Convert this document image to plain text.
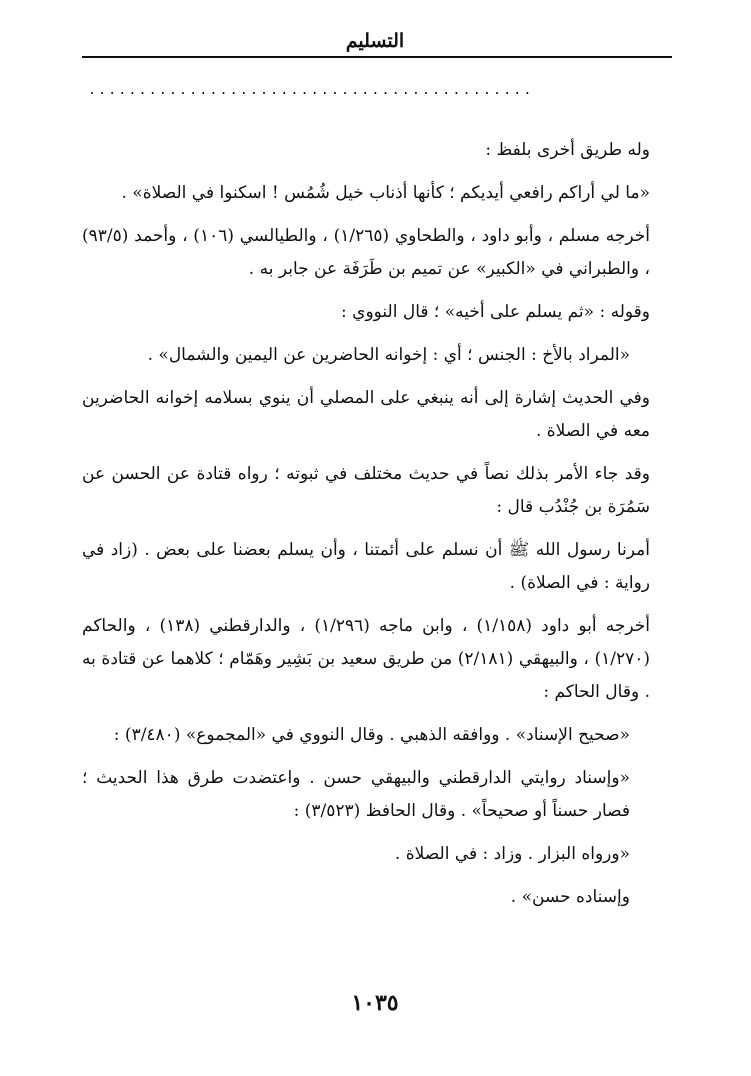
التسليم
............................................

وله طريق أخرى بلفظ :

«ما لي أراكم رافعي أيديكم ؛ كأنها أذناب خيل شُمُس ! اسكنوا في الصلاة» .

أخرجه مسلم ، وأبو داود ، والطحاوي (١/٢٦٥) ، والطيالسي (١٠٦) ، وأحمد (٩٣/٥) ، والطبراني في «الكبير» عن تميم بن طَرَفَة عن جابر به .

وقوله : «ثم يسلم على أخيه» ؛ قال النووي :

«المراد بالأخ : الجنس ؛ أي : إخوانه الحاضرين عن اليمين والشمال» .

وفي الحديث إشارة إلى أنه ينبغي على المصلي أن ينوي بسلامه إخوانه الحاضرين معه في الصلاة .

وقد جاء الأمر بذلك نصاً في حديث مختلف في ثبوته ؛ رواه قتادة عن الحسن عن سَمُرَة بن جُنْدُب قال :

أمرنا رسول الله ﷺ أن نسلم على أئمتنا ، وأن يسلم بعضنا على بعض . (زاد في رواية : في الصلاة) .

أخرجه أبو داود (١/١٥٨) ، وابن ماجه (١/٢٩٦) ، والدارقطني (١٣٨) ، والحاكم (١/٢٧٠) ، والبيهقي (٢/١٨١) من طريق سعيد بن بَشِير وهَمّام ؛ كلاهما عن قتادة به . وقال الحاكم :

«صحيح الإسناد» . ووافقه الذهبي . وقال النووي في «المجموع» (٣/٤٨٠) :

«وإسناد روايتي الدارقطني والبيهقي حسن . واعتضدت طرق هذا الحديث ؛ فصار حسناً أو صحيحاً» . وقال الحافظ (٣/٥٢٣) :

«ورواه البزار . وزاد : في الصلاة .

وإسناده حسن» .

١٠٣٥
